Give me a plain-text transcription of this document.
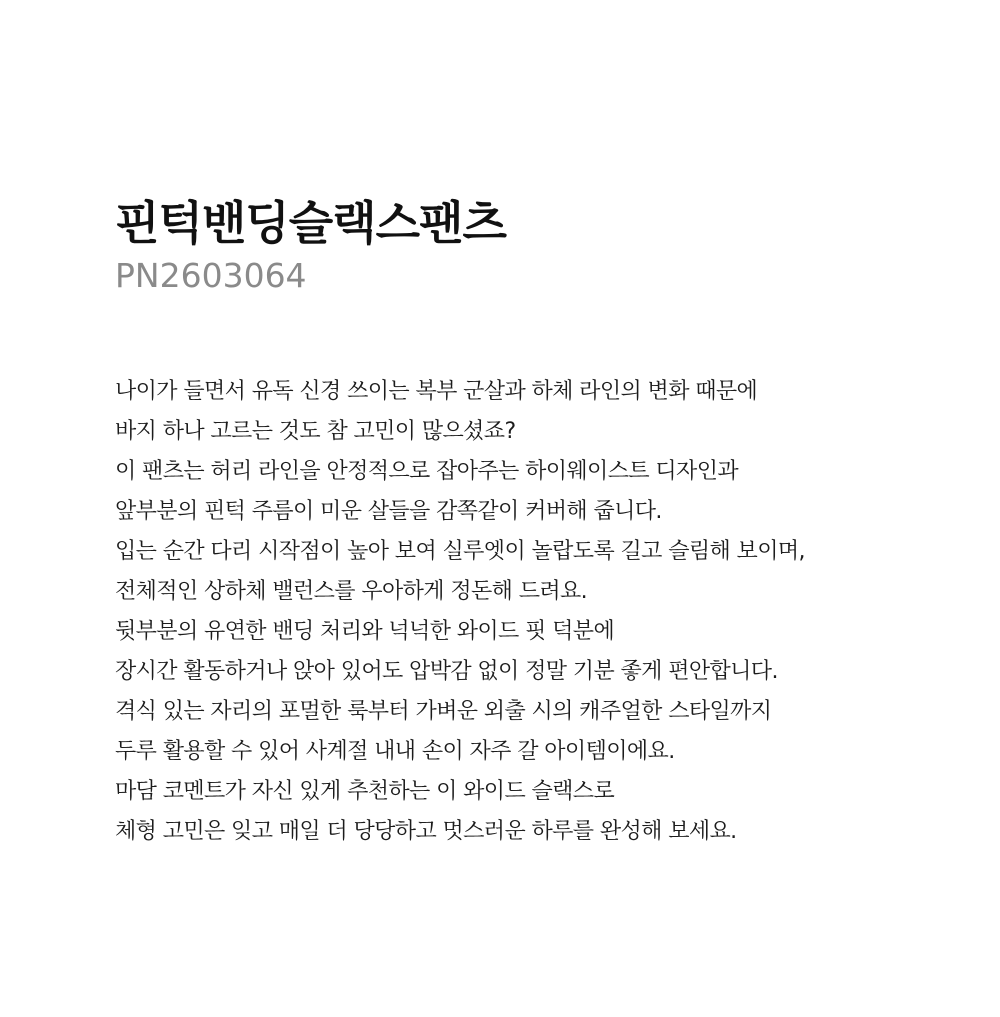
핀턱밴딩슬랙스팬츠

PN2603064

나이가 들면서 유독 신경 쓰이는 복부 군살과 하체 라인의 변화 때문에

바지 하나 고르는 것도 참 고민이 많으셨죠?

이 팬츠는 허리 라인을 안정적으로 잡아주는 하이웨이스트 디자인과

앞부분의 핀턱 주름이 미운 살들을 감쪽같이 커버해 줍니다.

입는 순간 다리 시작점이 높아 보여 실루엣이 놀랍도록 길고 슬림해 보이며,

전체적인 상하체 밸런스를 우아하게 정돈해 드려요.

뒷부분의 유연한 밴딩 처리와 넉넉한 와이드 핏 덕분에

장시간 활동하거나 앉아 있어도 압박감 없이 정말 기분 좋게 편안합니다.

격식 있는 자리의 포멀한 룩부터 가벼운 외출 시의 캐주얼한 스타일까지

두루 활용할 수 있어 사계절 내내 손이 자주 갈 아이템이에요.

마담 코멘트가 자신 있게 추천하는 이 와이드 슬랙스로

체형 고민은 잊고 매일 더 당당하고 멋스러운 하루를 완성해 보세요.
